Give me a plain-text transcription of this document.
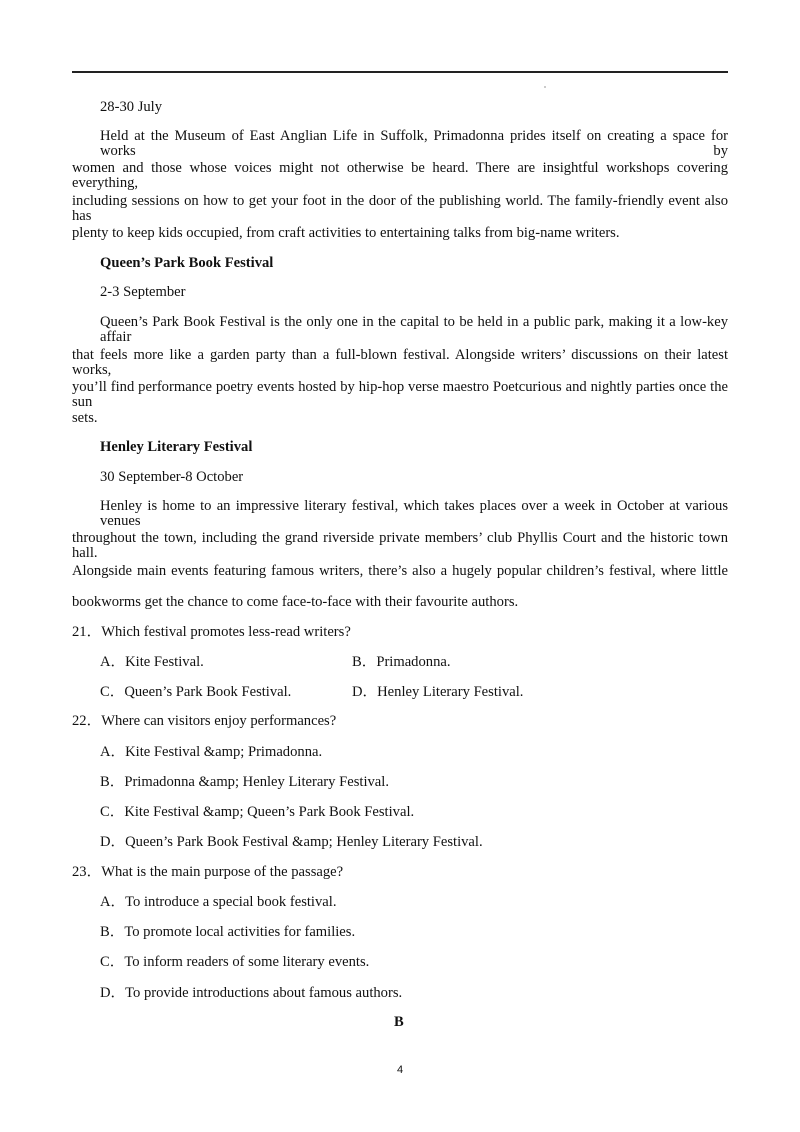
28-30 July
Held at the Museum of East Anglian Life in Suffolk, Primadonna prides itself on creating a space for works by
women and those whose voices might not otherwise be heard. There are insightful workshops covering everything,
including sessions on how to get your foot in the door of the publishing world. The family-friendly event also has
plenty to keep kids occupied, from craft activities to entertaining talks from big-name writers.
Queen’s Park Book Festival
2-3 September
Queen’s Park Book Festival is the only one in the capital to be held in a public park, making it a low-key affair
that feels more like a garden party than a full-blown festival. Alongside writers’ discussions on their latest works,
you’ll find performance poetry events hosted by hip-hop verse maestro Poetcurious and nightly parties once the sun
sets.
Henley Literary Festival
30 September-8 October
Henley is home to an impressive literary festival, which takes places over a week in October at various venues
throughout the town, including the grand riverside private members’ club Phyllis Court and the historic town hall.
Alongside main events featuring famous writers, there’s also a hugely popular children’s festival, where little
bookworms get the chance to come face-to-face with their favourite authors.
21．Which festival promotes less-read writers?
A．Kite Festival.	B．Primadonna.
C．Queen’s Park Book Festival.	D．Henley Literary Festival.
22．Where can visitors enjoy performances?
A．Kite Festival &amp; Primadonna.
B．Primadonna &amp; Henley Literary Festival.
C．Kite Festival &amp; Queen’s Park Book Festival.
D．Queen’s Park Book Festival &amp; Henley Literary Festival.
23．What is the main purpose of the passage?
A．To introduce a special book festival.
B．To promote local activities for families.
C．To inform readers of some literary events.
D．To provide introductions about famous authors.
B
4
